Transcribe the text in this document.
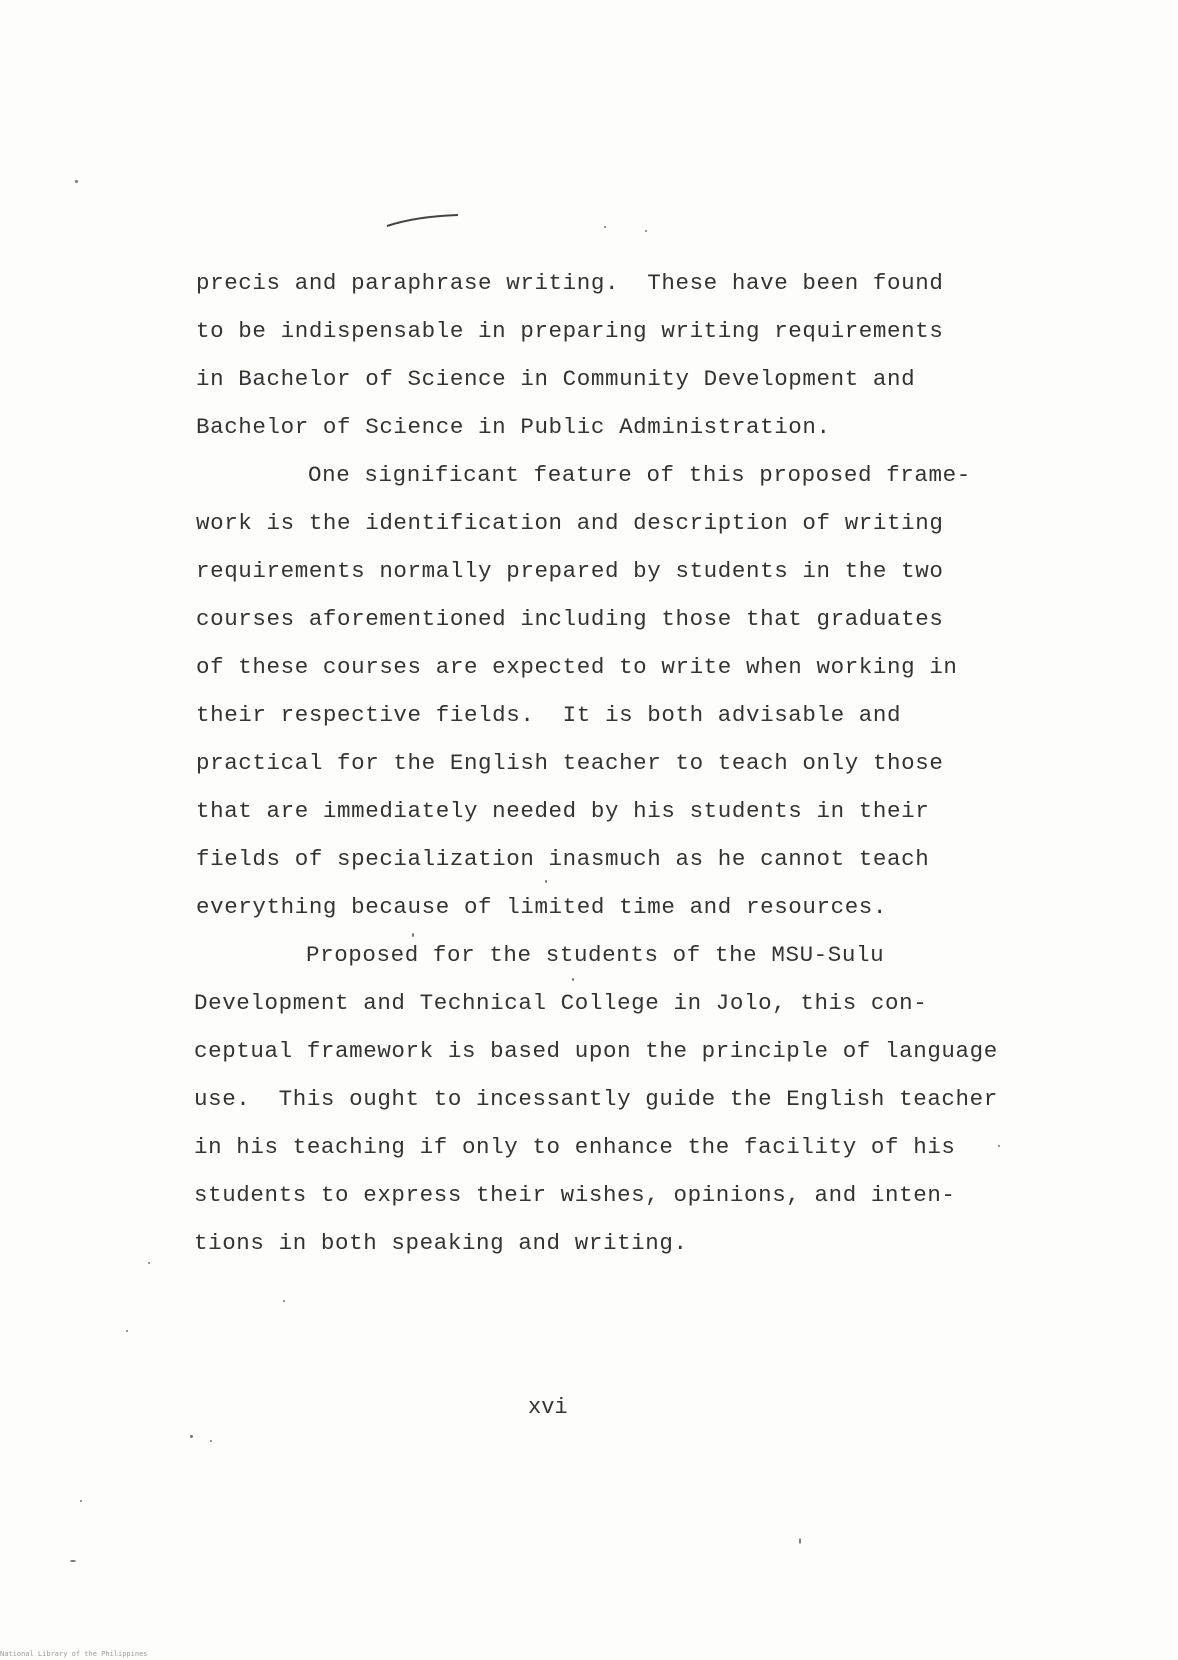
precis and paraphrase writing.  These have been found
to be indispensable in preparing writing requirements
in Bachelor of Science in Community Development and
Bachelor of Science in Public Administration.
One significant feature of this proposed frame-
work is the identification and description of writing
requirements normally prepared by students in the two
courses aforementioned including those that graduates
of these courses are expected to write when working in
their respective fields.  It is both advisable and
practical for the English teacher to teach only those
that are immediately needed by his students in their
fields of specialization inasmuch as he cannot teach
everything because of limited time and resources.
Proposed for the students of the MSU-Sulu
Development and Technical College in Jolo, this con-
ceptual framework is based upon the principle of language
use.  This ought to incessantly guide the English teacher
in his teaching if only to enhance the facility of his
students to express their wishes, opinions, and inten-
tions in both speaking and writing.
xvi
National Library of the Philippines
